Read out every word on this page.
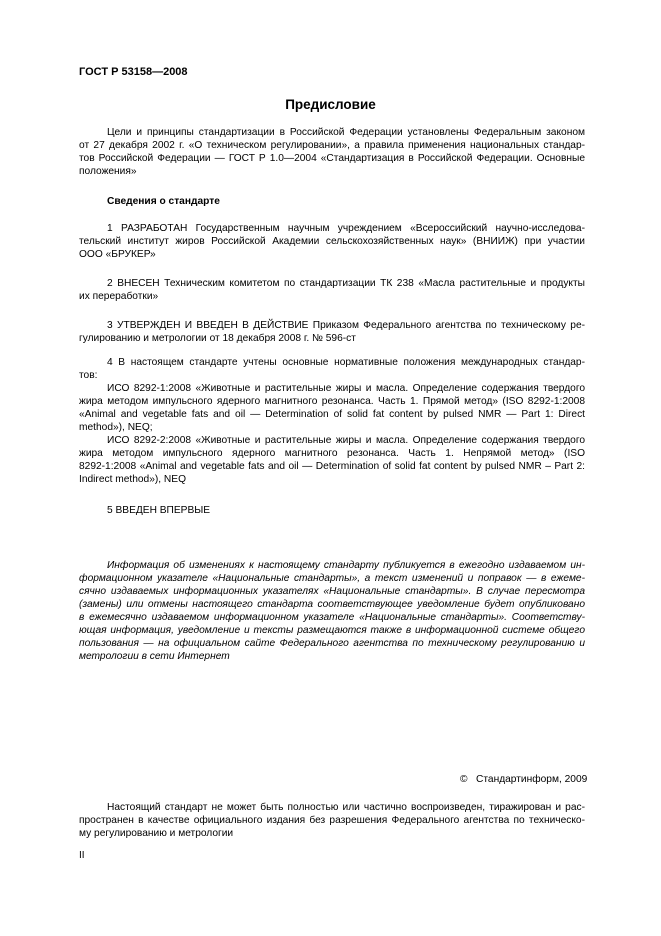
ГОСТ Р 53158—2008
Предисловие
Цели и принципы стандартизации в Российской Федерации установлены Федеральным законом
от 27 декабря 2002 г. «О техническом регулировании», а правила применения национальных стандар-
тов Российской Федерации — ГОСТ Р 1.0—2004 «Стандартизация в Российской Федерации. Основные
положения»
Сведения о стандарте
1 РАЗРАБОТАН Государственным научным учреждением «Всероссийский научно-исследова-
тельский институт жиров Российской Академии сельскохозяйственных наук» (ВНИИЖ) при участии
ООО «БРУКЕР»
2 ВНЕСЕН Техническим комитетом по стандартизации ТК 238 «Масла растительные и продукты
их переработки»
3 УТВЕРЖДЕН И ВВЕДЕН В ДЕЙСТВИЕ Приказом Федерального агентства по техническому ре-
гулированию и метрологии от 18 декабря 2008 г. № 596-ст
4 В настоящем стандарте учтены основные нормативные положения международных стандар-
тов:
ИСО 8292-1:2008 «Животные и растительные жиры и масла. Определение содержания твердого
жира методом импульсного ядерного магнитного резонанса. Часть 1. Прямой метод» (ISO 8292-1:2008
«Animal and vegetable fats and oil — Determination of solid fat content by pulsed NMR — Part 1: Direct
method»), NEQ;
ИСО 8292-2:2008 «Животные и растительные жиры и масла. Определение содержания твердого
жира методом импульсного ядерного магнитного резонанса. Часть 1. Непрямой метод» (ISO
8292-1:2008 «Animal and vegetable fats and oil — Determination of solid fat content by pulsed NMR – Part 2:
Indirect method»), NEQ
5 ВВЕДЕН ВПЕРВЫЕ
Информация об изменениях к настоящему стандарту публикуется в ежегодно издаваемом ин-
формационном указателе «Национальные стандарты», а текст изменений и поправок — в ежеме-
сячно издаваемых информационных указателях «Национальные стандарты». В случае пересмотра
(замены) или отмены настоящего стандарта соответствующее уведомление будет опубликовано
в ежемесячно издаваемом информационном указателе «Национальные стандарты». Соответству-
ющая информация, уведомление и тексты размещаются также в информационной системе общего
пользования — на официальном сайте Федерального агентства по техническому регулированию и
метрологии в сети Интернет
©   Стандартинформ, 2009
Настоящий стандарт не может быть полностью или частично воспроизведен, тиражирован и рас-
пространен в качестве официального издания без разрешения Федерального агентства по техническо-
му регулированию и метрологии
II
